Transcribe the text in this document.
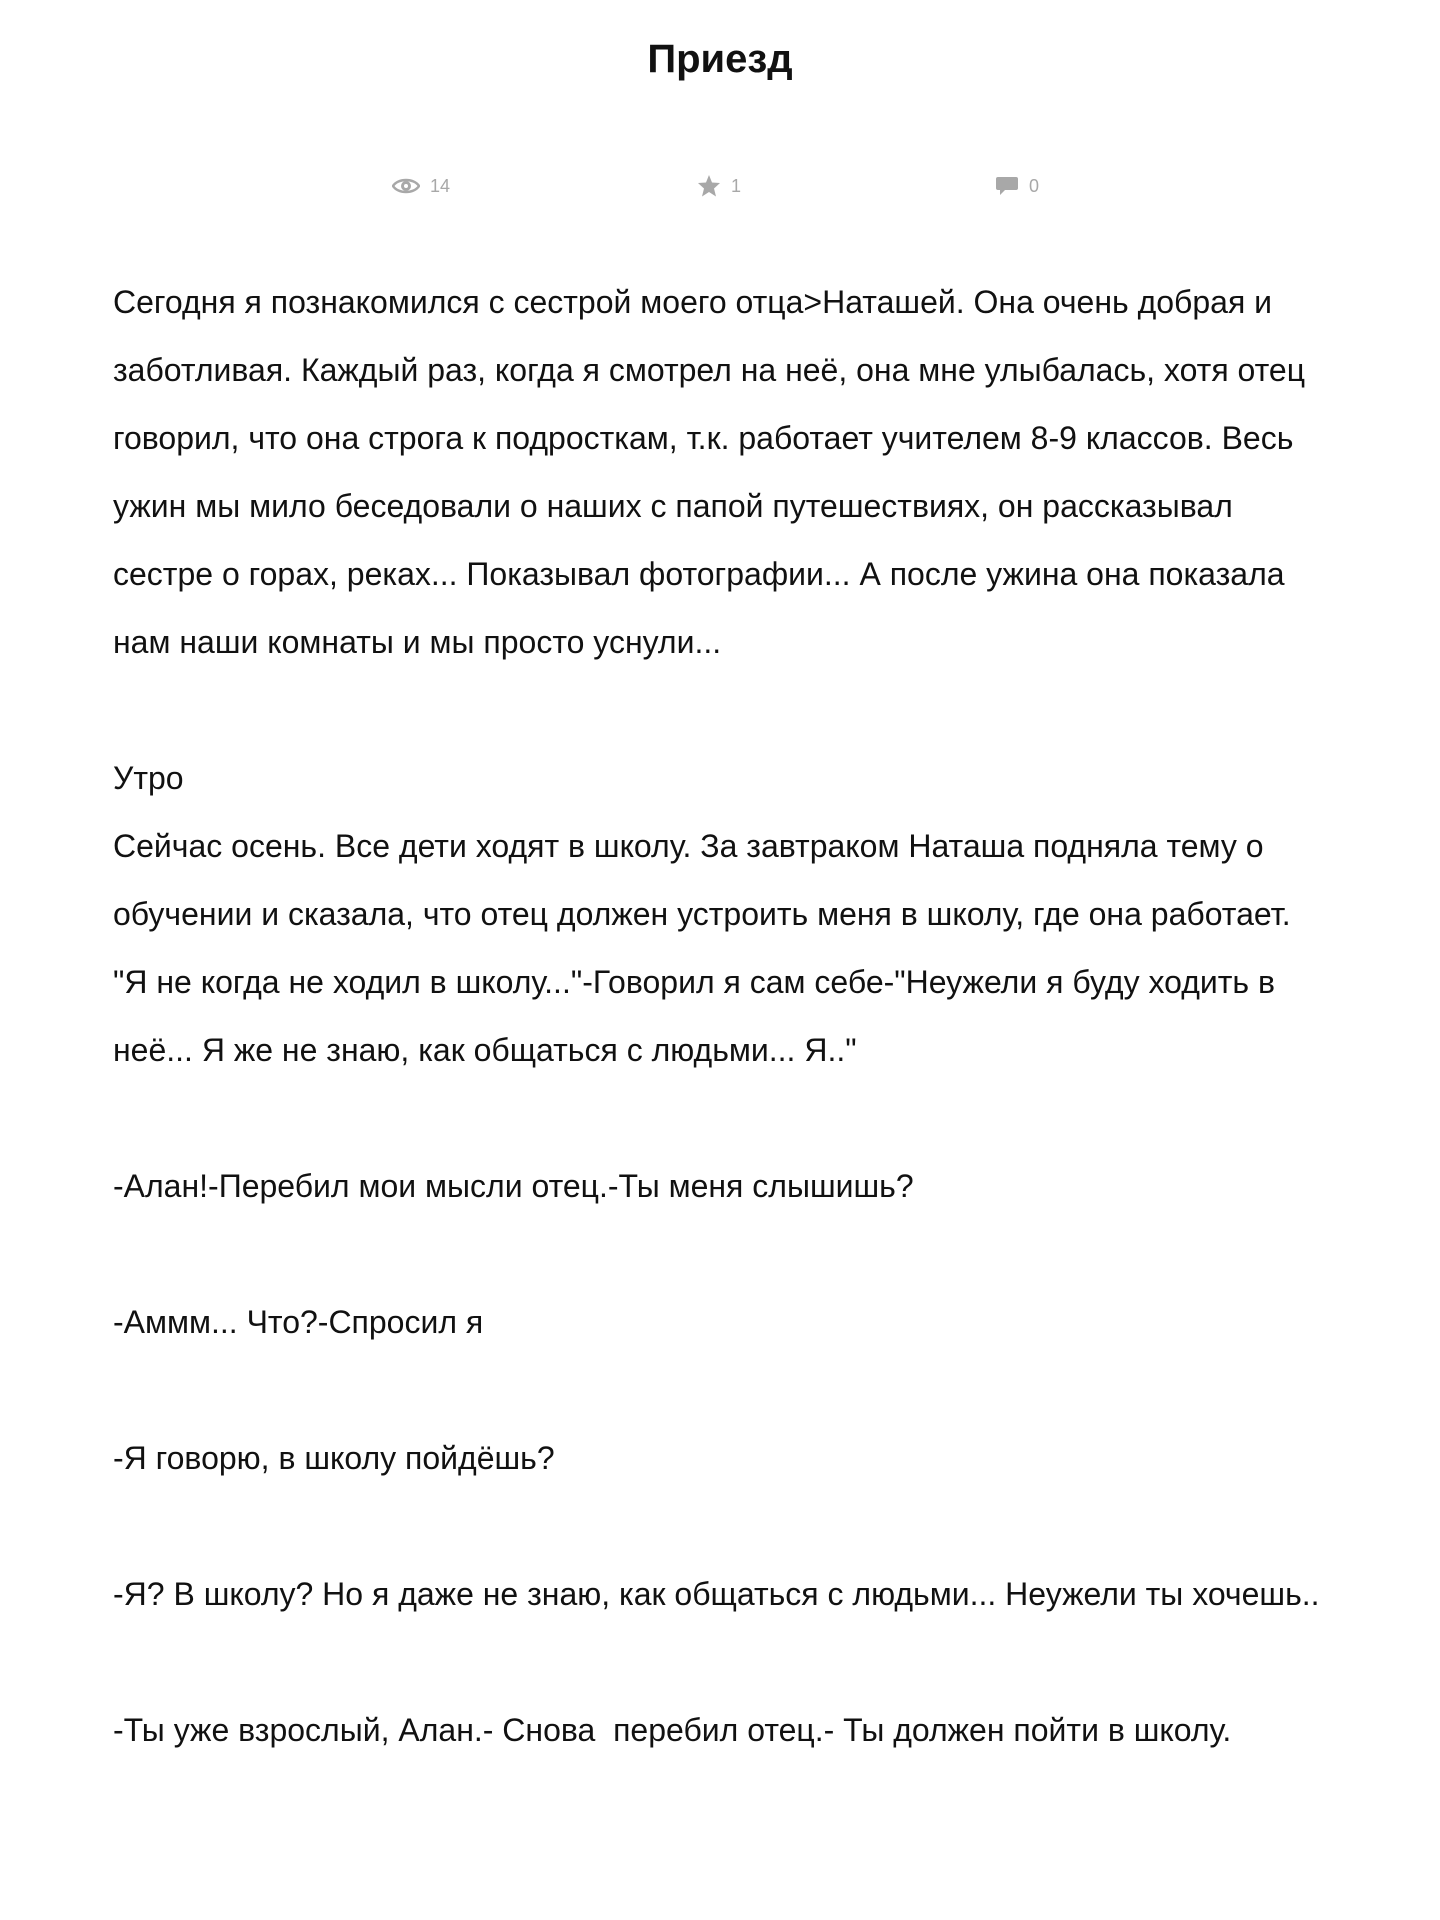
Приезд
14	1	0

Сегодня я познакомился с сестрой моего отца>Наташей. Она очень добрая и заботливая. Каждый раз, когда я смотрел на неё, она мне улыбалась, хотя отец говорил, что она строга к подросткам, т.к. работает учителем 8-9 классов. Весь ужин мы мило беседовали о наших с папой путешествиях, он рассказывал сестре о горах, реках... Показывал фотографии... А после ужина она показала нам наши комнаты и мы просто уснули...

Утро

Сейчас осень. Все дети ходят в школу. За завтраком Наташа подняла тему о обучении и сказала, что отец должен устроить меня в школу, где она работает.

"Я не когда не ходил в школу..."-Говорил я сам себе-"Неужели я буду ходить в неё... Я же не знаю, как общаться с людьми... Я.."

-Алан!-Перебил мои мысли отец.-Ты меня слышишь?

-Аммм... Что?-Спросил я

-Я говорю, в школу пойдёшь?

-Я? В школу? Но я даже не знаю, как общаться с людьми... Неужели ты хочешь..

-Ты уже взрослый, Алан.- Снова  перебил отец.- Ты должен пойти в школу.
